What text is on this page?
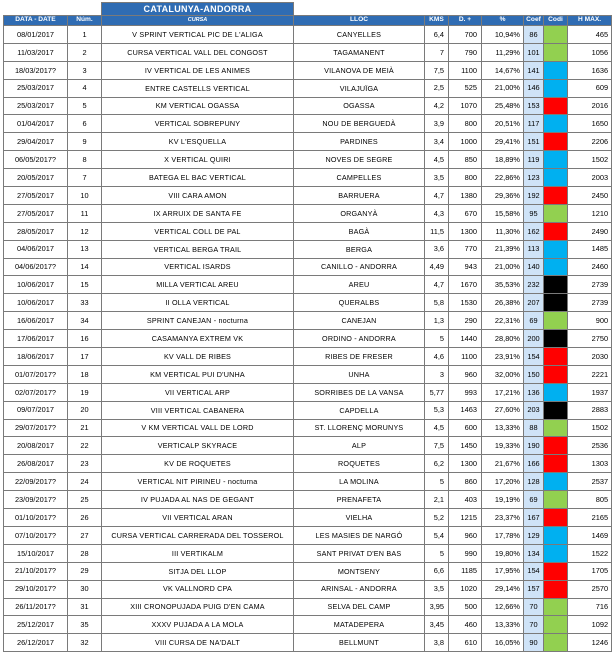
		CATALUNYA-ANDORRA							
DATA - DATE	Núm.	CURSA	LLOC	KMS	D. +	%	Coef	Codi	H MÀX.
08/01/2017	1	V SPRINT VERTICAL PIC DE L'ALIGA	CANYELLES	6,4	700	10,94%	86		465
11/03/2017	2	CURSA VERTICAL VALL DEL CONGOST	TAGAMANENT	7	790	11,29%	101		1056
18/03/2017?	3	IV VERTICAL DE LES ANIMES	VILANOVA DE MEIÀ	7,5	1100	14,67%	141		1636
25/03/2017	4	ENTRE CASTELLS VERTICAL	VILAJUÏGA	2,5	525	21,00%	146		609
25/03/2017	5	KM VERTICAL OGASSA	OGASSA	4,2	1070	25,48%	153		2016
01/04/2017	6	VERTICAL SOBREPUNY	NOU DE BERGUEDÀ	3,9	800	20,51%	117		1650
29/04/2017	9	KV L'ESQUELLA	PARDINES	3,4	1000	29,41%	151		2206
06/05/2017?	8	X VERTICAL QUIRI	NOVES DE SEGRE	4,5	850	18,89%	119		1502
20/05/2017	7	BATEGA EL BAC VERTICAL	CAMPELLES	3,5	800	22,86%	123		2003
27/05/2017	10	VIII CARA AMON	BARRUERA	4,7	1380	29,36%	192		2450
27/05/2017	11	IX ARRUIX DE SANTA FE	ORGANYÀ	4,3	670	15,58%	95		1210
28/05/2017	12	VERTICAL COLL DE PAL	BAGÀ	11,5	1300	11,30%	162		2490
04/06/2017	13	VERTICAL BERGA TRAIL	BERGA	3,6	770	21,39%	113		1485
04/06/2017?	14	VERTICAL ISARDS	CANILLO - ANDORRA	4,49	943	21,00%	140		2460
10/06/2017	15	MILLA VERTICAL AREU	AREU	4,7	1670	35,53%	232		2739
10/06/2017	33	II OLLA VERTICAL	QUERALBS	5,8	1530	26,38%	207		2739
16/06/2017	34	SPRINT CANEJAN - nocturna	CANEJAN	1,3	290	22,31%	69		900
17/06/2017	16	CASAMANYA EXTREM VK	ORDINO - ANDORRA	5	1440	28,80%	200		2750
18/06/2017	17	KV VALL DE RIBES	RIBES DE FRESER	4,6	1100	23,91%	154		2030
01/07/2017?	18	KM VERTICAL PUI D'UNHA	UNHA	3	960	32,00%	150		2221
02/07/2017?	19	VII VERTICAL ARP	SORRIBES DE LA VANSA	5,77	993	17,21%	136		1937
09/07/2017	20	VIII VERTICAL CABANERA	CAPDELLA	5,3	1463	27,60%	203		2883
29/07/2017?	21	V KM VERTICAL VALL DE LORD	ST. LLORENÇ MORUNYS	4,5	600	13,33%	88		1502
20/08/2017	22	VERTICALP SKYRACE	ALP	7,5	1450	19,33%	190		2536
26/08/2017	23	KV DE ROQUETES	ROQUETES	6,2	1300	21,67%	166		1303
22/09/2017?	24	VERTICAL NIT PIRINEU - nocturna	LA MOLINA	5	860	17,20%	128		2537
23/09/2017?	25	IV PUJADA AL NAS DE GEGANT	PRENAFETA	2,1	403	19,19%	69		805
01/10/2017?	26	VII VERTICAL ARAN	VIELHA	5,2	1215	23,37%	167		2165
07/10/2017?	27	CURSA VERTICAL CARRERADA DEL TOSSEROL	LES MASIES DE NARGÓ	5,4	960	17,78%	129		1469
15/10/2017	28	III VERTIKALM	SANT PRIVAT D'EN BAS	5	990	19,80%	134		1522
21/10/2017?	29	SITJA DEL LLOP	MONTSENY	6,6	1185	17,95%	154		1705
29/10/2017?	30	VK VALLNORD CPA	ARINSAL - ANDORRA	3,5	1020	29,14%	157		2570
26/11/2017?	31	XIII CRONOPUJADA PUIG D'EN CAMA	SELVA DEL CAMP	3,95	500	12,66%	70		716
25/12/2017	35	XXXV PUJADA A LA MOLA	MATADEPERA	3,45	460	13,33%	70		1092
26/12/2017	32	VIII CURSA DE NA'DALT	BELLMUNT	3,8	610	16,05%	90		1246
